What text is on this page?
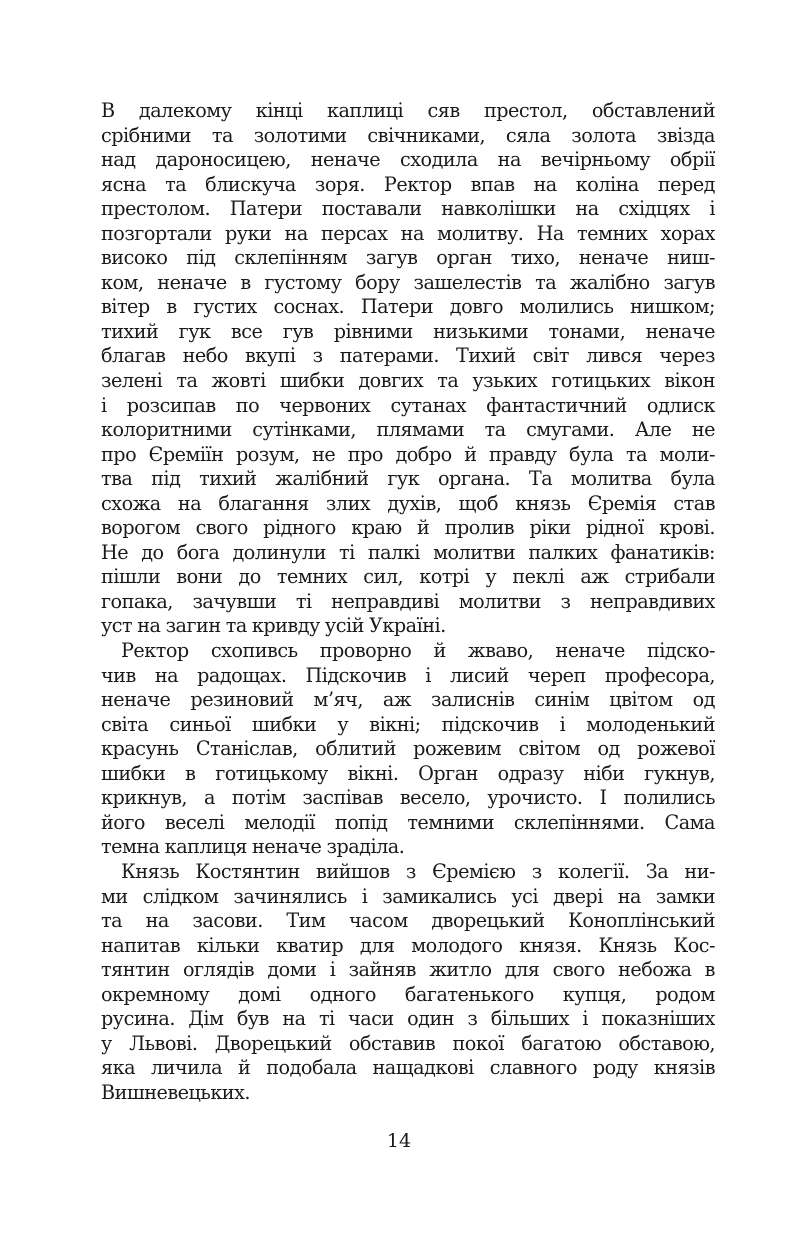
В далекому кінці каплиці сяв престол, обставлений
срібними та золотими свічниками, сяла золота звізда
над дароносицею, неначе сходила на вечірньому обрії
ясна та блискуча зоря. Ректор впав на коліна перед
престолом. Патери поставали навколішки на східцях і
позгортали руки на персах на молитву. На темних хорах
високо під склепінням загув орган тихо, неначе ниш-
ком, неначе в густому бору зашелестів та жалібно загув
вітер в густих соснах. Патери довго молились нишком;
тихий гук все гув рівними низькими тонами, неначе
благав небо вкупі з патерами. Тихий світ лився через
зелені та жовті шибки довгих та узьких готицьких вікон
і розсипав по червоних сутанах фантастичний одлиск
колоритними сутінками, плямами та смугами. Але не
про Єреміїн розум, не про добро й правду була та моли-
тва під тихий жалібний гук органа. Та молитва була
схожа на благання злих духів, щоб князь Єремія став
ворогом свого рідного краю й пролив ріки рідної крові.
Не до бога долинули ті палкі молитви палких фанатиків:
пішли вони до темних сил, котрі у пеклі аж стрибали
гопака, зачувши ті неправдиві молитви з неправдивих
уст на загин та кривду усій Україні.
Ректор схопивсь проворно й жваво, неначе підско-
чив на радощах. Підскочив і лисий череп професора,
неначе резиновий м’яч, аж залиснів синім цвітом од
світа синьої шибки у вікні; підскочив і молоденький
красунь Станіслав, облитий рожевим світом од рожевої
шибки в готицькому вікні. Орган одразу ніби гукнув,
крикнув, а потім заспівав весело, урочисто. І полились
його веселі мелодії попід темними склепіннями. Сама
темна каплиця неначе зраділа.
Князь Костянтин вийшов з Єремією з колегії. За ни-
ми слідком зачинялись і замикались усі двері на замки
та на засови. Тим часом дворецький Коноплінський
напитав кільки кватир для молодого князя. Князь Кос-
тянтин оглядів доми і зайняв житло для свого небожа в
окремному домі одного багатенького купця, родом
русина. Дім був на ті часи один з більших і показніших
у Львові. Дворецький обставив покої багатою обставою,
яка личила й подобала нащадкові славного роду князів
Вишневецьких.
14
